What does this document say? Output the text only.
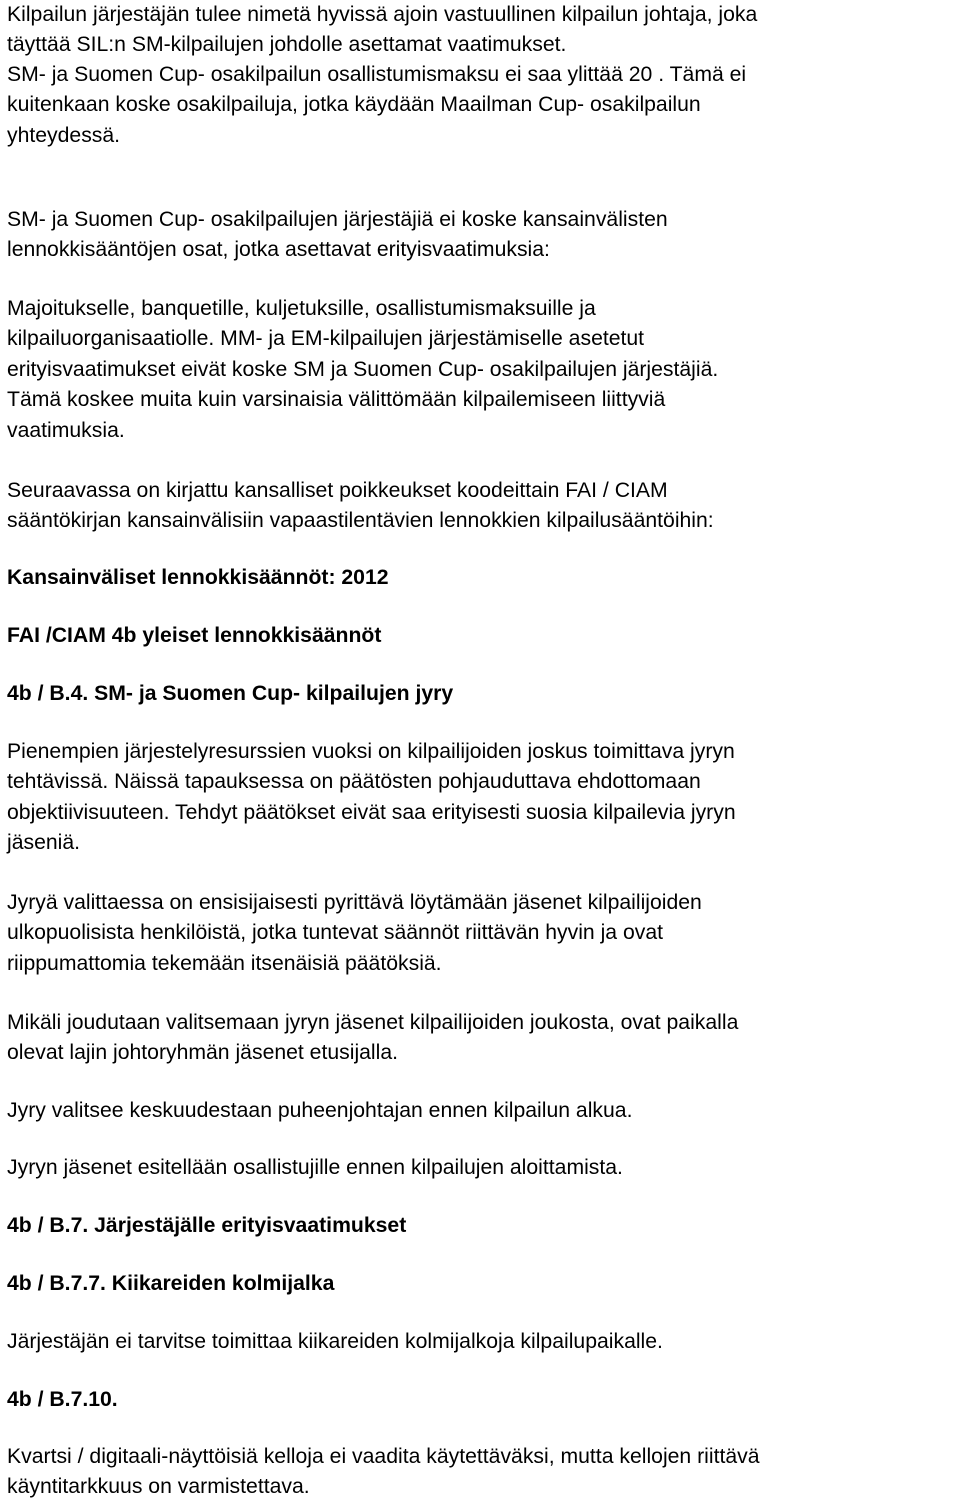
Kilpailun järjestäjän tulee nimetä hyvissä ajoin vastuullinen kilpailun johtaja, joka
täyttää SIL:n SM-kilpailujen johdolle asettamat vaatimukset.

SM- ja Suomen Cup- osakilpailun osallistumismaksu ei saa ylittää 20 . Tämä ei
kuitenkaan koske osakilpailuja, jotka käydään Maailman Cup- osakilpailun
yhteydessä.

SM- ja Suomen Cup- osakilpailujen järjestäjiä ei koske kansainvälisten
lennokkisääntöjen osat, jotka asettavat erityisvaatimuksia:

Majoitukselle, banquetille, kuljetuksille, osallistumismaksuille ja
kilpailuorganisaatiolle. MM- ja EM-kilpailujen järjestämiselle asetetut
erityisvaatimukset eivät koske SM ja Suomen Cup- osakilpailujen järjestäjiä.
Tämä koskee muita kuin varsinaisia välittömään kilpailemiseen liittyviä
vaatimuksia.

Seuraavassa on kirjattu kansalliset poikkeukset koodeittain FAI / CIAM
sääntökirjan kansainvälisiin vapaastilentävien lennokkien kilpailusääntöihin:

Kansainväliset lennokkisäännöt: 2012

FAI /CIAM 4b yleiset lennokkisäännöt

4b / B.4. SM- ja Suomen Cup- kilpailujen jyry

Pienempien järjestelyresurssien vuoksi on kilpailijoiden joskus toimittava jyryn
tehtävissä. Näissä tapauksessa on päätösten pohjauduttava ehdottomaan
objektiivisuuteen. Tehdyt päätökset eivät saa erityisesti suosia kilpailevia jyryn
jäseniä.

Jyryä valittaessa on ensisijaisesti pyrittävä löytämään jäsenet kilpailijoiden
ulkopuolisista henkilöistä, jotka tuntevat säännöt riittävän hyvin ja ovat
riippumattomia tekemään itsenäisiä päätöksiä.

Mikäli joudutaan valitsemaan jyryn jäsenet kilpailijoiden joukosta, ovat paikalla
olevat lajin johtoryhmän jäsenet etusijalla.

Jyry valitsee keskuudestaan puheenjohtajan ennen kilpailun alkua.

Jyryn jäsenet esitellään osallistujille ennen kilpailujen aloittamista.

4b / B.7. Järjestäjälle erityisvaatimukset

4b / B.7.7. Kiikareiden kolmijalka

Järjestäjän ei tarvitse toimittaa kiikareiden kolmijalkoja kilpailupaikalle.

4b / B.7.10.

Kvartsi / digitaali-näyttöisiä kelloja ei vaadita käytettäväksi, mutta kellojen riittävä
käyntitarkkuus on varmistettava.
